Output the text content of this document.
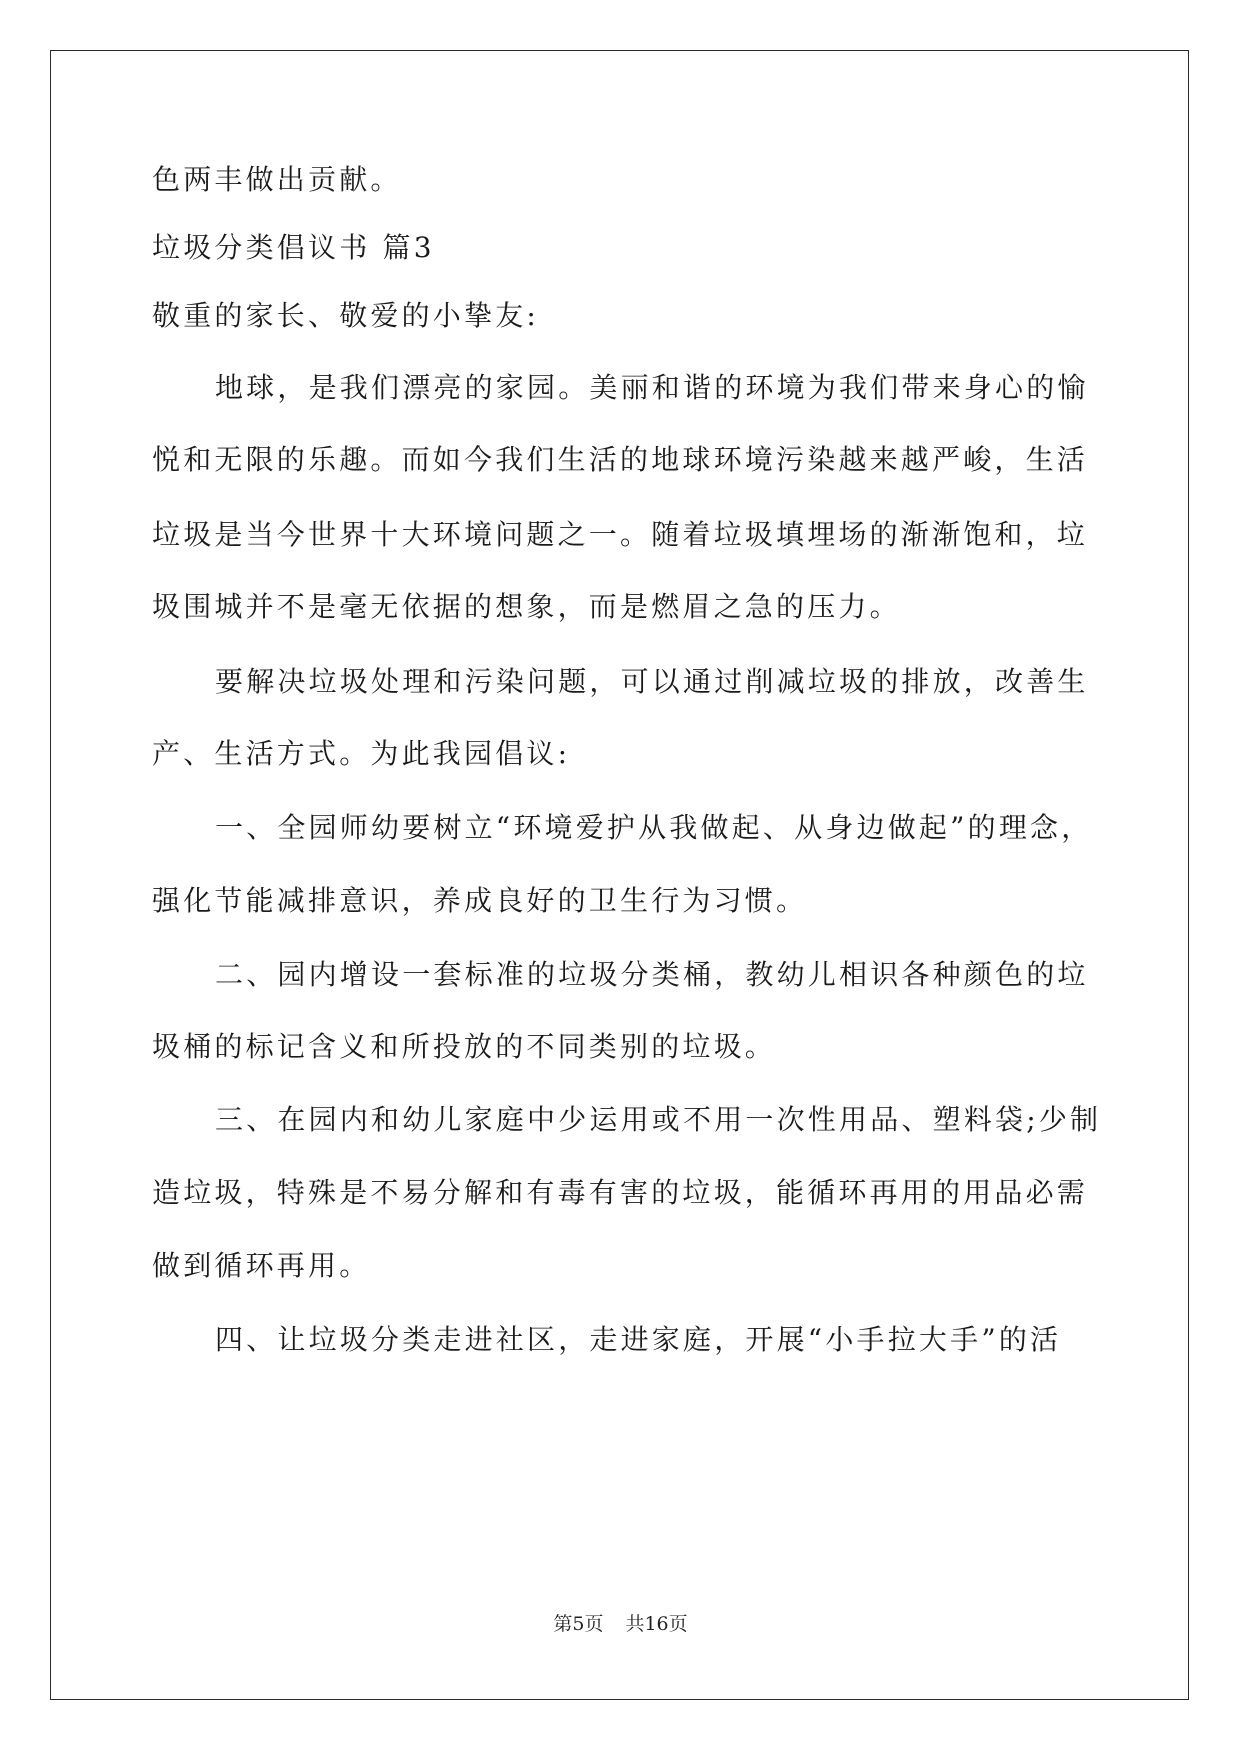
色两丰做出贡献。
垃圾分类倡议书 篇3
敬重的家长、敬爱的小挚友:
地球，是我们漂亮的家园。美丽和谐的环境为我们带来身心的愉
悦和无限的乐趣。而如今我们生活的地球环境污染越来越严峻，生活
垃圾是当今世界十大环境问题之一。随着垃圾填埋场的渐渐饱和，垃
圾围城并不是毫无依据的想象，而是燃眉之急的压力。
要解决垃圾处理和污染问题，可以通过削减垃圾的排放，改善生
产、生活方式。为此我园倡议:
一、全园师幼要树立“环境爱护从我做起、从身边做起”的理念，
强化节能减排意识，养成良好的卫生行为习惯。
二、园内增设一套标准的垃圾分类桶，教幼儿相识各种颜色的垃
圾桶的标记含义和所投放的不同类别的垃圾。
三、在园内和幼儿家庭中少运用或不用一次性用品、塑料袋;少制
造垃圾，特殊是不易分解和有毒有害的垃圾，能循环再用的用品必需
做到循环再用。
四、让垃圾分类走进社区，走进家庭，开展“小手拉大手”的活
第5页 共16页
